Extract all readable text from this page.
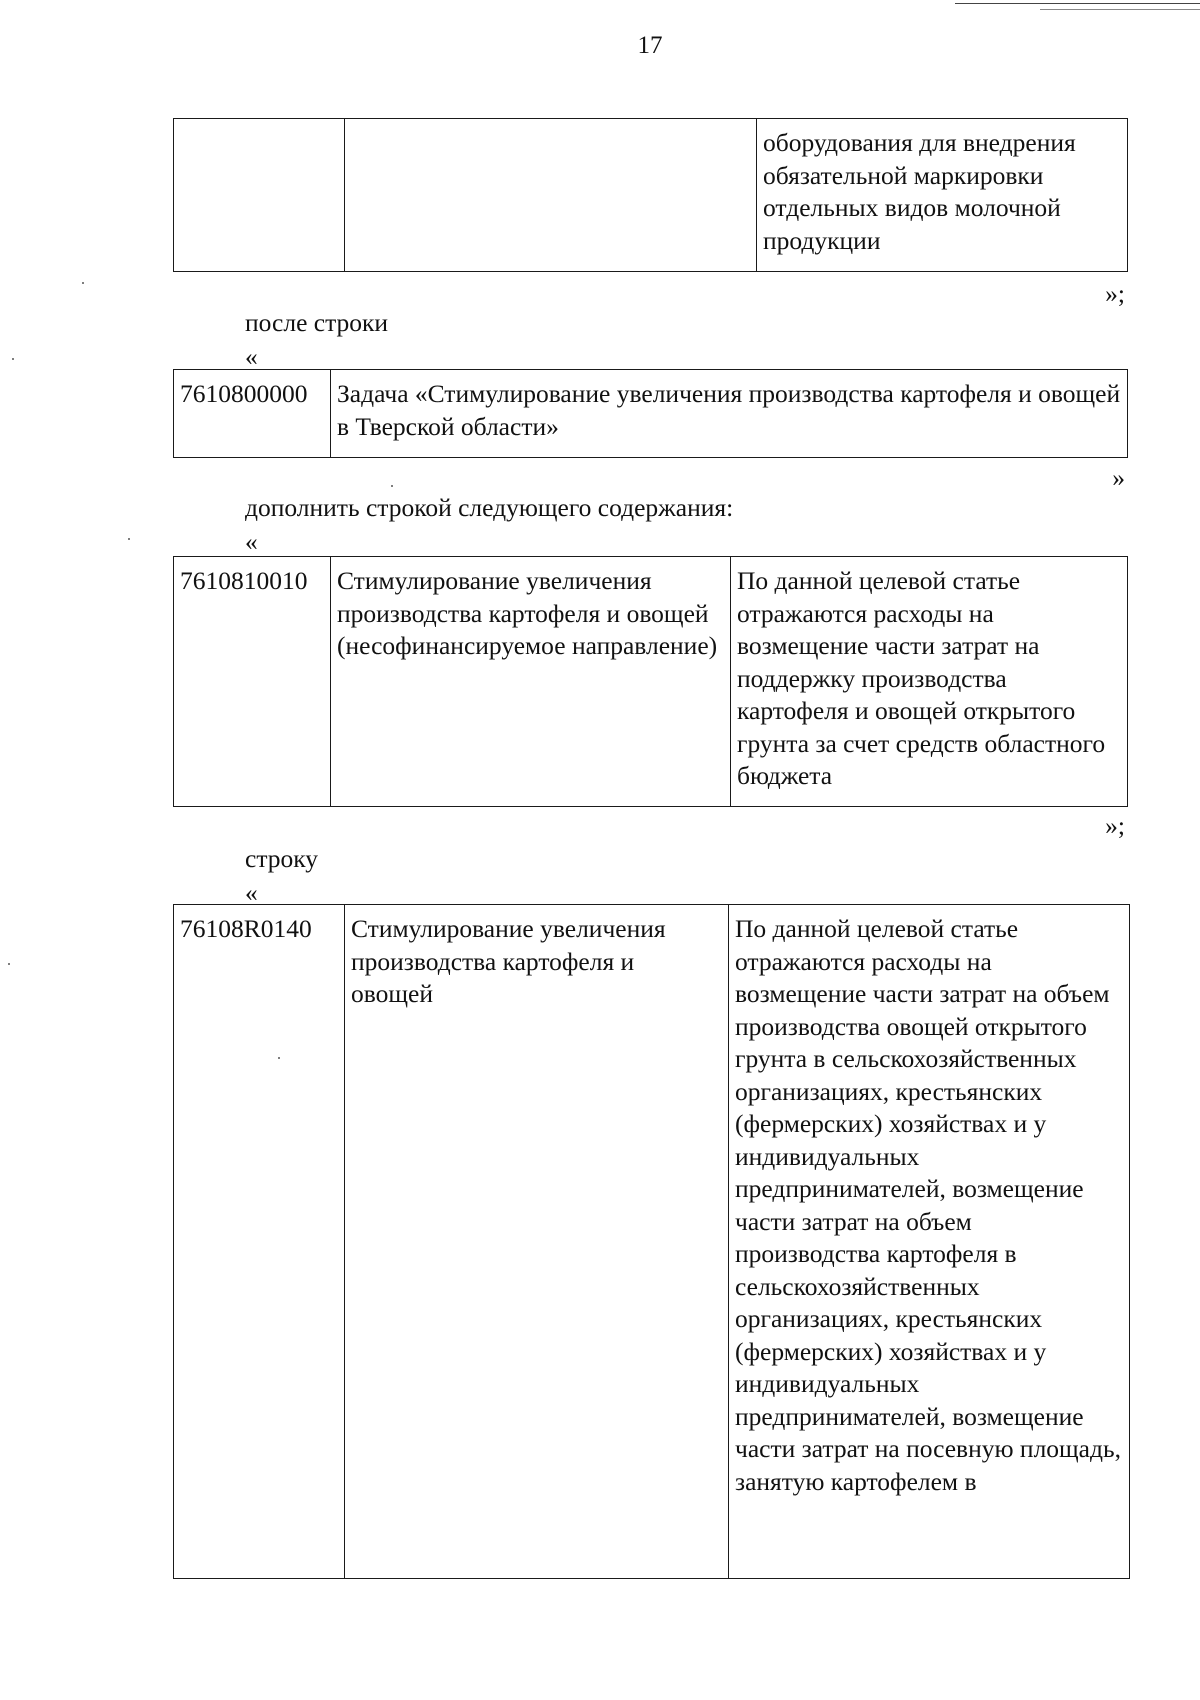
17
		оборудования для внедрения обязательной маркировки отдельных видов молочной продукции
»;
после строки
«
7610800000	Задача «Стимулирование увеличения производства картофеля и овощей в Тверской области»
»
дополнить строкой следующего содержания:
«
7610810010	Стимулирование увеличения производства картофеля и овощей (несофинансируемое направление)	По данной целевой статье отражаются расходы на возмещение части затрат на поддержку производства картофеля и овощей открытого грунта за счет средств областного бюджета
»;
строку
«
76108R0140	Стимулирование увеличения производства картофеля и овощей	По данной целевой статье отражаются расходы на возмещение части затрат на объем производства овощей открытого грунта в сельскохозяйственных организациях, крестьянских (фермерских) хозяйствах и у индивидуальных предпринимателей, возмещение части затрат на объем производства картофеля в сельскохозяйственных организациях, крестьянских (фермерских) хозяйствах и у индивидуальных предпринимателей, возмещение части затрат на посевную площадь, занятую картофелем в
